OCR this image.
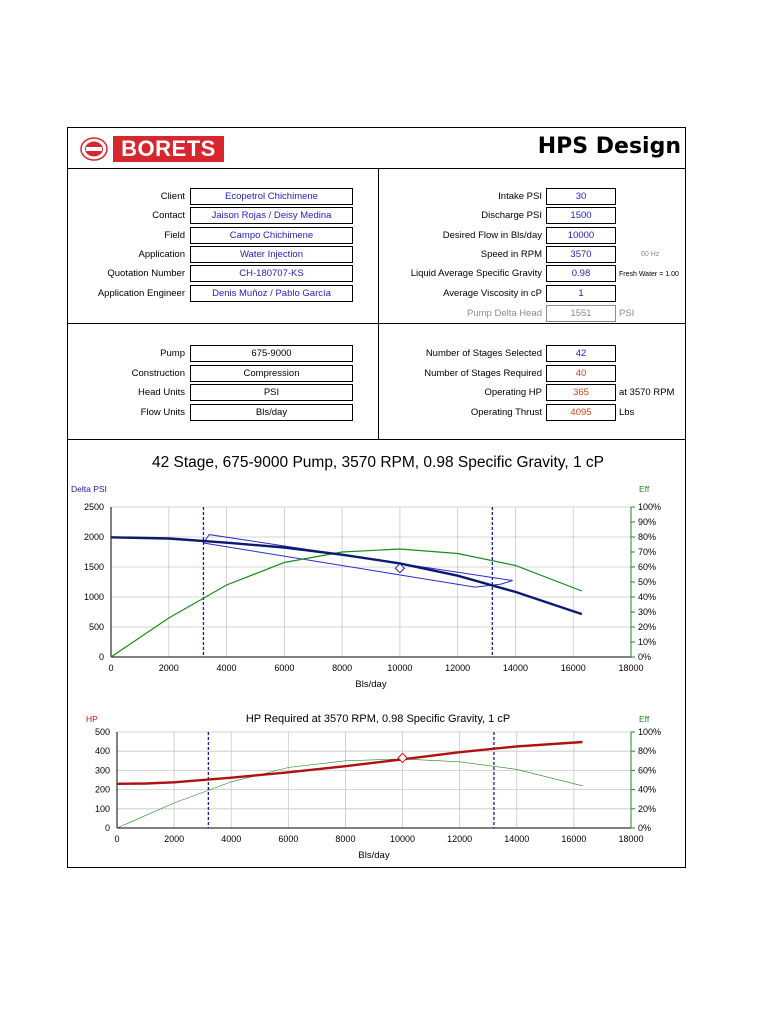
BORETS	HPS Design
Client	Ecopetrol Chichimene
Contact	Jaison Rojas / Deisy Medina
Field	Campo Chichimene
Application	Water Injection
Quotation Number	CH-180707-KS
Application Engineer	Denis Muñoz / Pablo García
Intake PSI	30
Discharge PSI	1500
Desired Flow in Bls/day	10000
Speed in RPM	3570	60 Hz
Liquid Average Specific Gravity	0.98	Fresh Water = 1.00
Average Viscosity in cP	1
Pump Delta Head	1551	PSI
Pump	675-9000
Construction	Compression
Head Units	PSI
Flow Units	Bls/day
Number of Stages Selected	42
Number of Stages Required	40
Operating HP	365	at 3570 RPM
Operating Thrust	4095	Lbs
42 Stage, 675-9000 Pump, 3570 RPM, 0.98 Specific Gravity, 1 cP
0	2000	4000	6000	8000	10000	12000	14000	16000	18000
0
500
1000
1500
2000
2500
0%
10%
20%
30%
40%
50%
60%
70%
80%
90%
100%
Bls/day
Delta PSI	Eff
HP Required at 3570 RPM, 0.98 Specific Gravity, 1 cP
0	2000	4000	6000	8000	10000	12000	14000	16000	18000
0
100
200
300
400
500
0%
20%
40%
60%
80%
100%
Bls/day
HP	Eff
